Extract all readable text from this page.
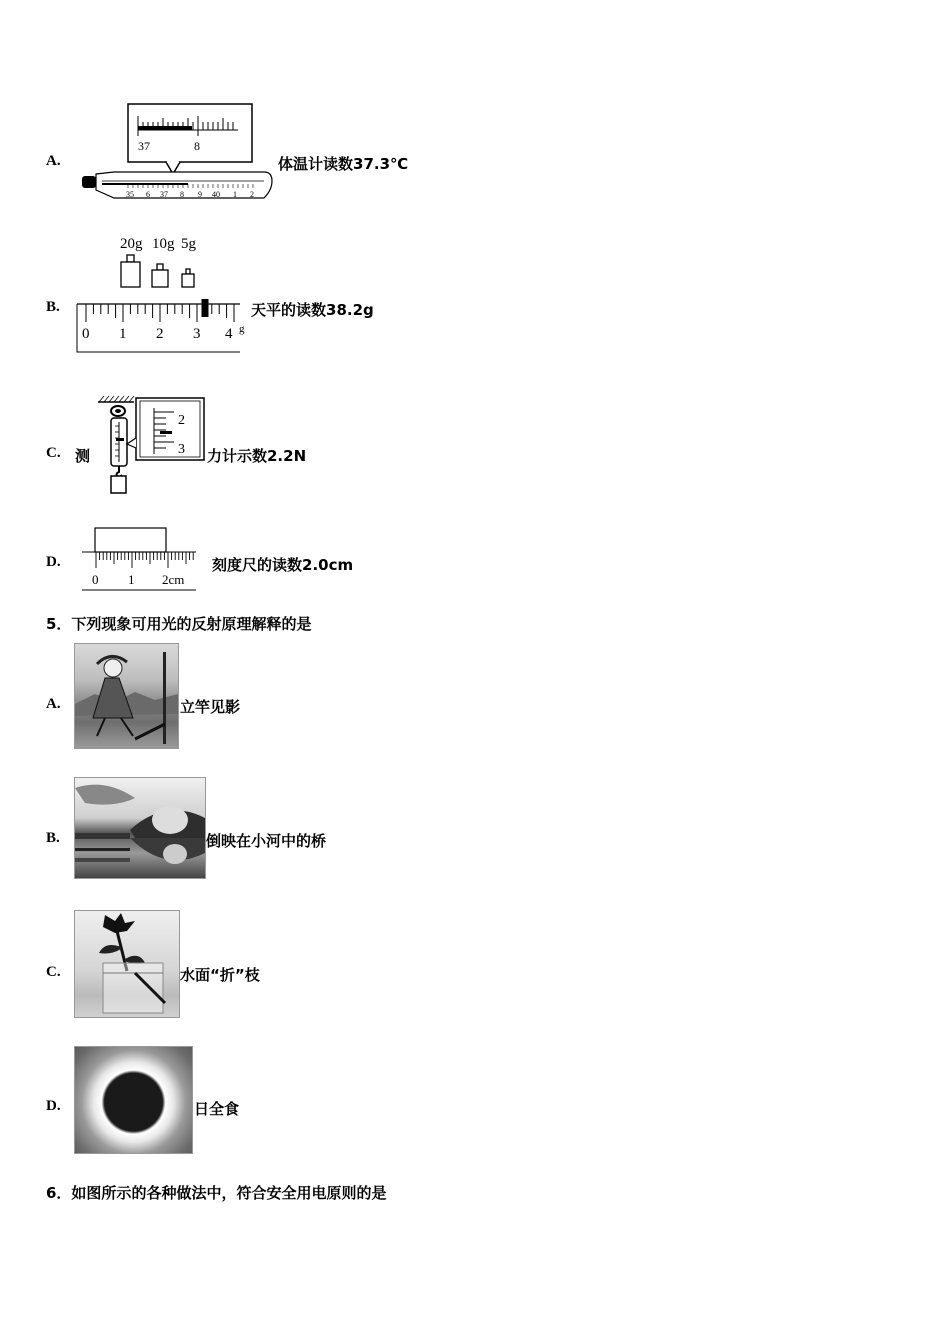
A.
37	8
35 6 37 8 9 40 1 2
体温计读数37.3℃
B.
20g 10g 5g
0 1 2 3 4 g
天平的读数38.2g
C. 测
2
3 力计示数2.2N
D.
0 1 2cm
刻度尺的读数2.0cm
5．下列现象可用光的反射原理解释的是
A.	立竿见影
B.	倒映在小河中的桥
C.	水面“折”枝
D.	日全食
6．如图所示的各种做法中，符合安全用电原则的是
